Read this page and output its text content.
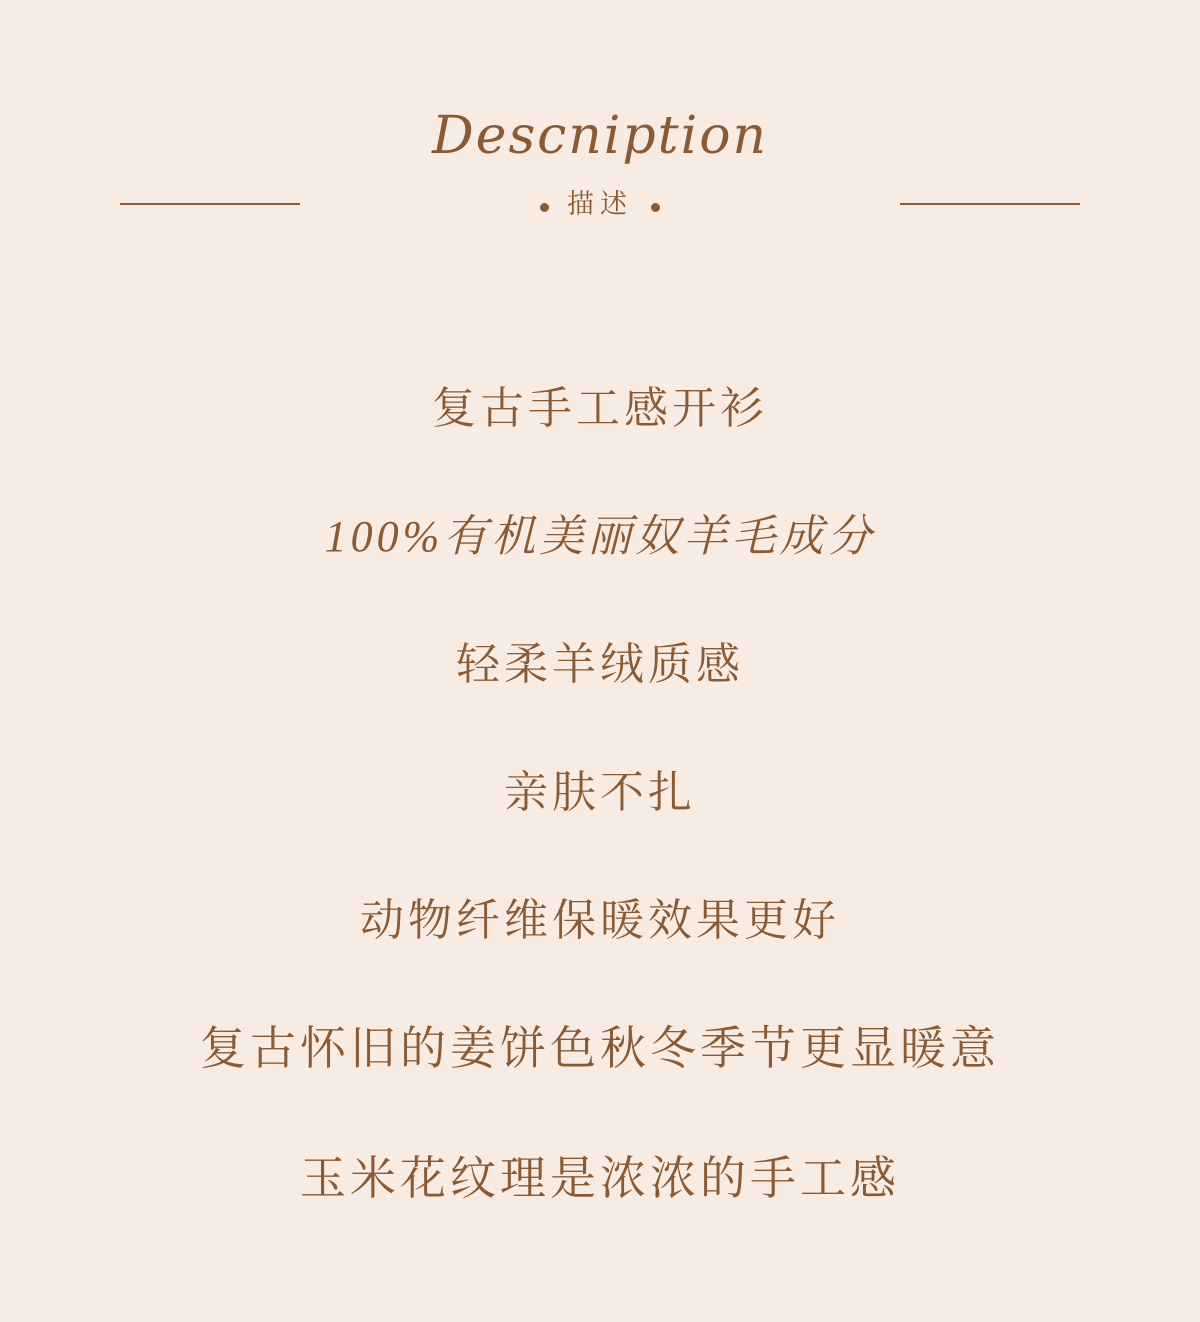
Descniption
描述

复古手工感开衫

100%有机美丽奴羊毛成分

轻柔羊绒质感

亲肤不扎

动物纤维保暖效果更好

复古怀旧的姜饼色秋冬季节更显暖意

玉米花纹理是浓浓的手工感
